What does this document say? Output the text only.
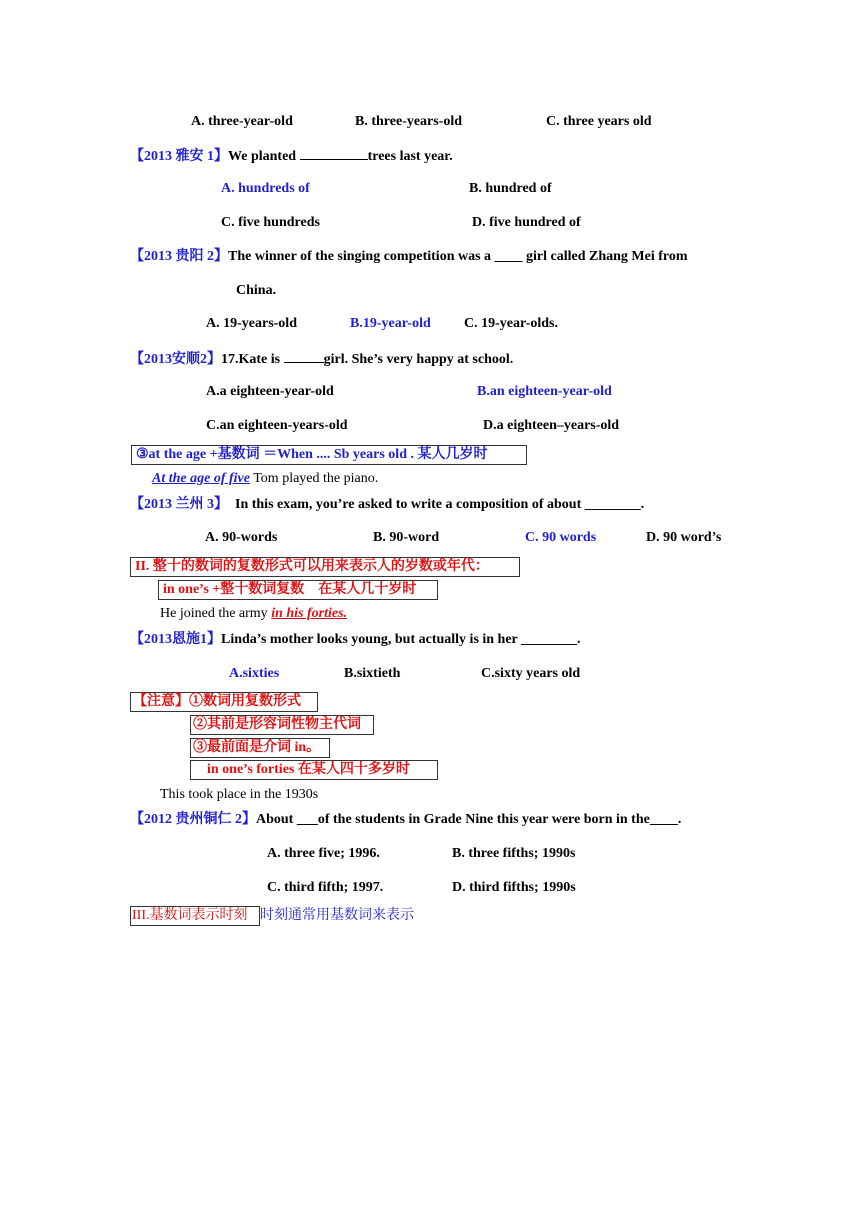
A. three-year-old	B. three-years-old	C. three years old
【2013 雅安 1】We planted	trees last year.
A. hundreds of	B. hundred of
C. five hundreds	D. five hundred of
【2013 贵阳 2】The winner of the singing competition was a ____ girl called Zhang Mei from
China.
A. 19-years-old	B.19-year-old C. 19-year-olds.
【2013安顺2】17.Kate is	girl. She’s very happy at school.
A.a eighteen-year-old	B.an eighteen-year-old
C.an eighteen-years-old	D.a eighteen–years-old
③at the age +基数词 ＝When .... Sb years old . 某人几岁时
At the age of five Tom played the piano.
【2013 兰州 3】  In this exam, you’re asked to write a composition of about ________.
A. 90-words	B. 90-word	C. 90 words	D. 90 word’s
II. 整十的数词的复数形式可以用来表示人的岁数或年代：
in one’s +整十数词复数　在某人几十岁时
He joined the army in his forties.
【2013恩施1】Linda’s mother looks young, but actually is in her ________.
A.sixties	B.sixtieth	C.sixty years old
【注意】①数词用复数形式
②其前是形容词性物主代词
③最前面是介词 in。
in one’s forties 在某人四十多岁时
This took place in the 1930s
【2012 贵州铜仁 2】About ___of the students in Grade Nine this year were born in the____.
A. three five; 1996.	B. three fifths; 1990s
C. third fifth; 1997.	D. third fifths; 1990s
III.基数词表示时刻 时刻通常用基数词来表示
